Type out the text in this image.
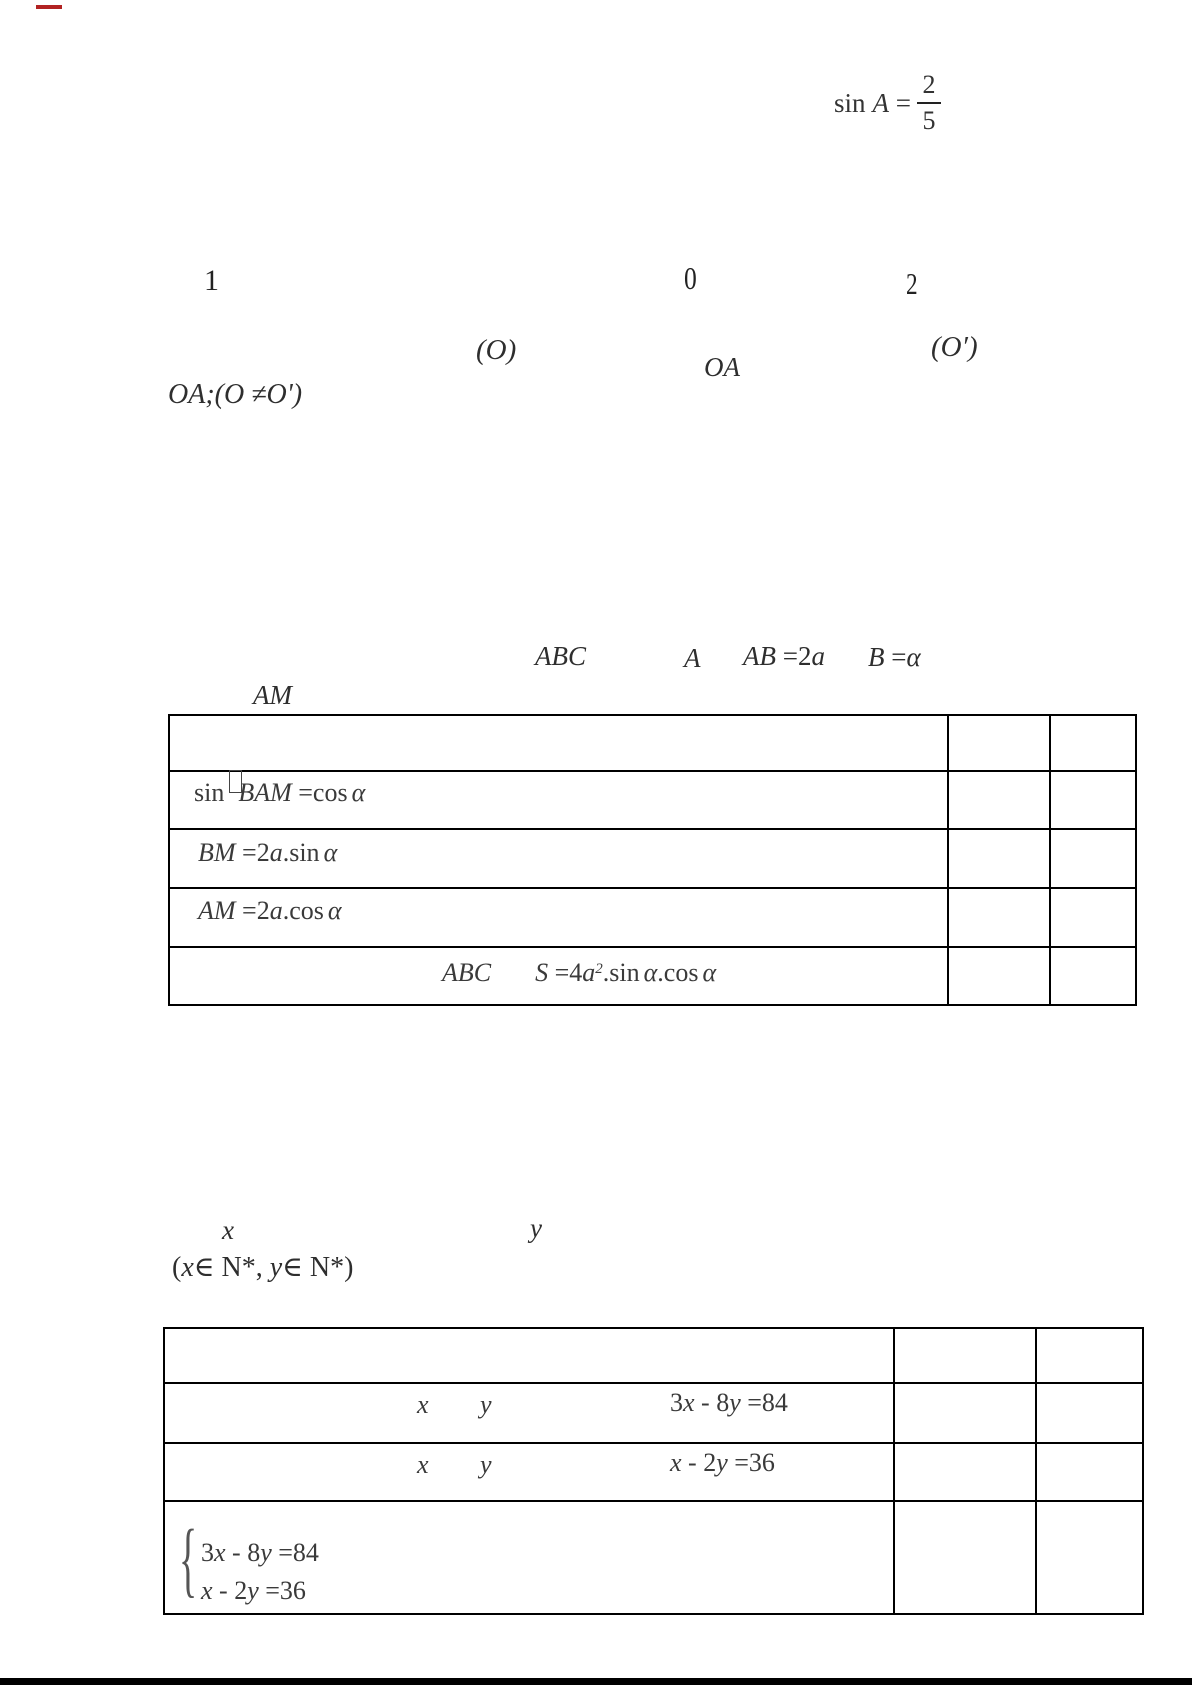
$\sin A = \frac{2}{5}$
1	0	2
(O)
OA
(O′)
OA;(O ≠O')
ABC	A AB =2a B =α
AM

sin BAM =cos α		

BM =2a.sin α		

AM =2a.cos α		

ABC $S =4a^2.\sin$ α.cos α		

x	y
(x∈ N*, y∈ N*)

x y 3x - 8y =84		

x y x - 2y =36		

{ 3x - 8y =84
x - 2y =36		
